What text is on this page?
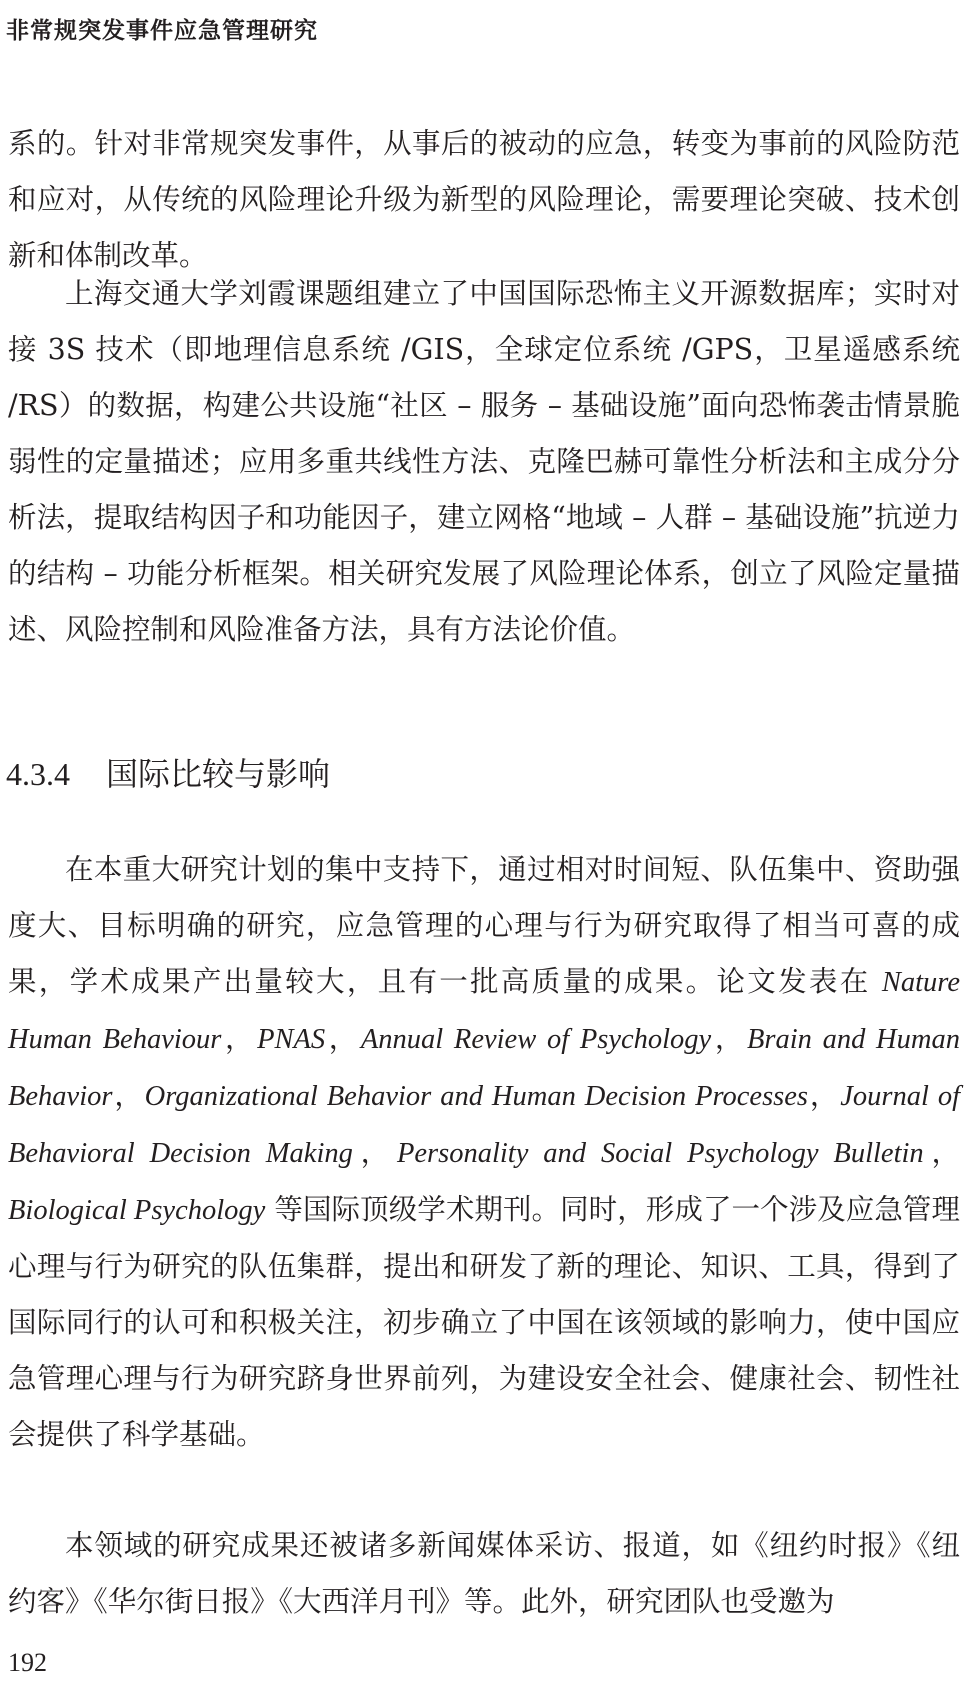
非常规突发事件应急管理研究

系的。针对非常规突发事件，从事后的被动的应急，转变为事前的风险防范和应对，从传统的风险理论升级为新型的风险理论，需要理论突破、技术创新和体制改革。

上海交通大学刘霞课题组建立了中国国际恐怖主义开源数据库；实时对接 3S 技术（即地理信息系统 /GIS，全球定位系统 /GPS，卫星遥感系统 /RS）的数据，构建公共设施“社区 – 服务 – 基础设施”面向恐怖袭击情景脆弱性的定量描述；应用多重共线性方法、克隆巴赫可靠性分析法和主成分分析法，提取结构因子和功能因子，建立网格“地域 – 人群 – 基础设施”抗逆力的结构 – 功能分析框架。相关研究发展了风险理论体系，创立了风险定量描述、风险控制和风险准备方法，具有方法论价值。

4.3.4 国际比较与影响

在本重大研究计划的集中支持下，通过相对时间短、队伍集中、资助强度大、目标明确的研究，应急管理的心理与行为研究取得了相当可喜的成果，学术成果产出量较大，且有一批高质量的成果。论文发表在 Nature Human Behaviour，PNAS，Annual Review of Psychology，Brain and Human Behavior，Organizational Behavior and Human Decision Processes，Journal of Behavioral Decision Making，Personality and Social Psychology Bulletin，Biological Psychology 等国际顶级学术期刊。同时，形成了一个涉及应急管理心理与行为研究的队伍集群，提出和研发了新的理论、知识、工具，得到了国际同行的认可和积极关注，初步确立了中国在该领域的影响力，使中国应急管理心理与行为研究跻身世界前列，为建设安全社会、健康社会、韧性社会提供了科学基础。

本领域的研究成果还被诸多新闻媒体采访、报道，如《纽约时报》《纽约客》《华尔街日报》《大西洋月刊》等。此外，研究团队也受邀为

192
